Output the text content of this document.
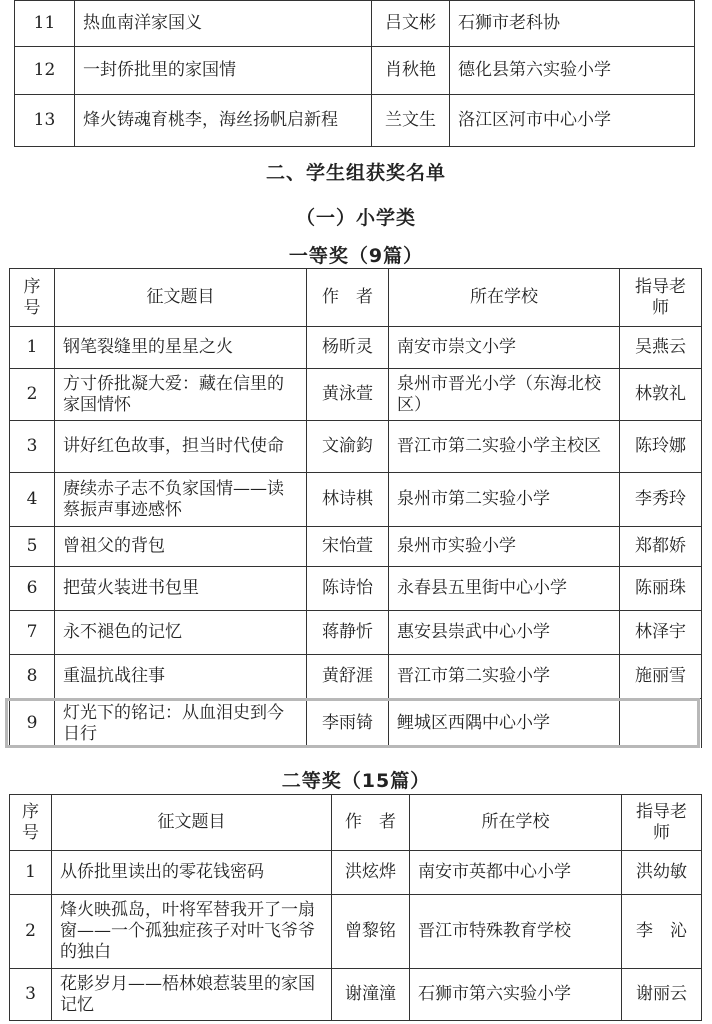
11	热血南洋家国义	吕文彬	石狮市老科协
12	一封侨批里的家国情	肖秋艳	德化县第六实验小学
13	烽火铸魂育桃李，海丝扬帆启新程	兰文生	洛江区河市中心小学
二、学生组获奖名单
（一）小学类
一等奖（9篇）
序号	征文题目	作　者	所在学校	指导老师
1	钢笔裂缝里的星星之火	杨昕灵	南安市崇文小学	吴燕云
2	方寸侨批凝大爱：藏在信里的家国情怀	黄泳萱	泉州市晋光小学（东海北校区）	林敦礼
3	讲好红色故事，担当时代使命	文渝鈞	晋江市第二实验小学主校区	陈玲娜
4	赓续赤子志不负家国情——读蔡振声事迹感怀	林诗棋	泉州市第二实验小学	李秀玲
5	曾祖父的背包	宋怡萱	泉州市实验小学	郑都娇
6	把萤火装进书包里	陈诗怡	永春县五里街中心小学	陈丽珠
7	永不褪色的记忆	蒋静忻	惠安县崇武中心小学	林泽宇
8	重温抗战往事	黄舒涯	晋江市第二实验小学	施丽雪
9	灯光下的铭记：从血泪史到今日行	李雨锜	鲤城区西隅中心小学	
二等奖（15篇）
序号	征文题目	作　者	所在学校	指导老师
1	从侨批里读出的零花钱密码	洪炫烨	南安市英都中心小学	洪幼敏
2	烽火映孤岛，叶将军替我开了一扇窗——一个孤独症孩子对叶飞爷爷的独白	曾黎铭	晋江市特殊教育学校	李　沁
3	花影岁月——梧林娘惹装里的家国记忆	谢潼潼	石狮市第六实验小学	谢丽云
